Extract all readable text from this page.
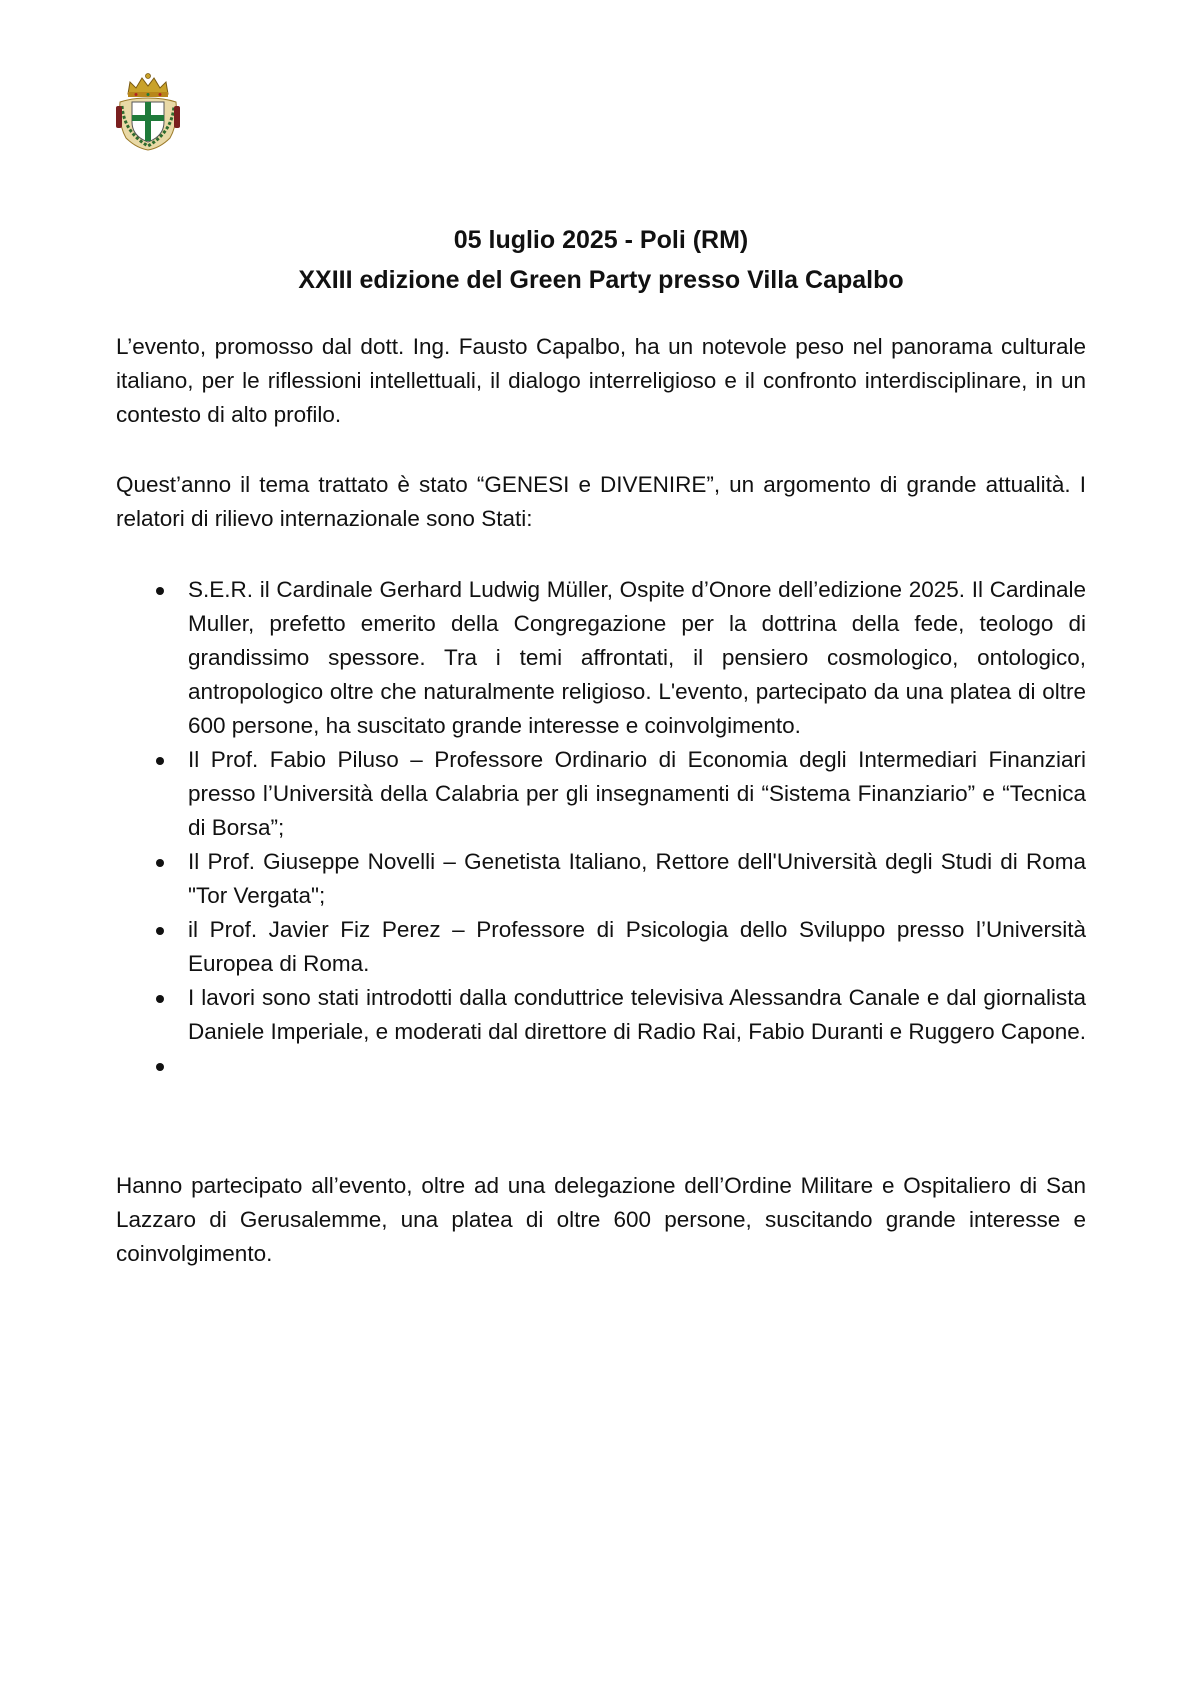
05 luglio 2025 - Poli (RM)
XXIII edizione del Green Party presso Villa Capalbo

L’evento, promosso dal dott. Ing. Fausto Capalbo, ha un notevole peso nel panorama culturale italiano, per le riflessioni intellettuali, il dialogo interreligioso e il confronto interdisciplinare, in un contesto di alto profilo.

Quest’anno il tema trattato è stato “GENESI e DIVENIRE”, un argomento di grande attualità. I relatori di rilievo internazionale sono Stati:

S.E.R. il Cardinale Gerhard Ludwig Müller, Ospite d’Onore dell’edizione 2025. Il Cardinale Muller, prefetto emerito della Congregazione per la dottrina della fede, teologo di grandissimo spessore. Tra i temi affrontati, il pensiero cosmologico, ontologico, antropologico oltre che naturalmente religioso. L'evento, partecipato da una platea di oltre 600 persone, ha suscitato grande interesse e coinvolgimento.
Il Prof. Fabio Piluso – Professore Ordinario di Economia degli Intermediari Finanziari presso l’Università della Calabria per gli insegnamenti di “Sistema Finanziario” e “Tecnica di Borsa”;
Il Prof. Giuseppe Novelli – Genetista Italiano, Rettore dell'Università degli Studi di Roma "Tor Vergata";
il Prof. Javier Fiz Perez – Professore di Psicologia dello Sviluppo presso l’Università Europea di Roma.
I lavori sono stati introdotti dalla conduttrice televisiva Alessandra Canale e dal giornalista Daniele Imperiale, e moderati dal direttore di Radio Rai, Fabio Duranti e Ruggero Capone.

Hanno partecipato all’evento, oltre ad una delegazione dell’Ordine Militare e Ospitaliero di San Lazzaro di Gerusalemme, una platea di oltre 600 persone, suscitando grande interesse e coinvolgimento.
